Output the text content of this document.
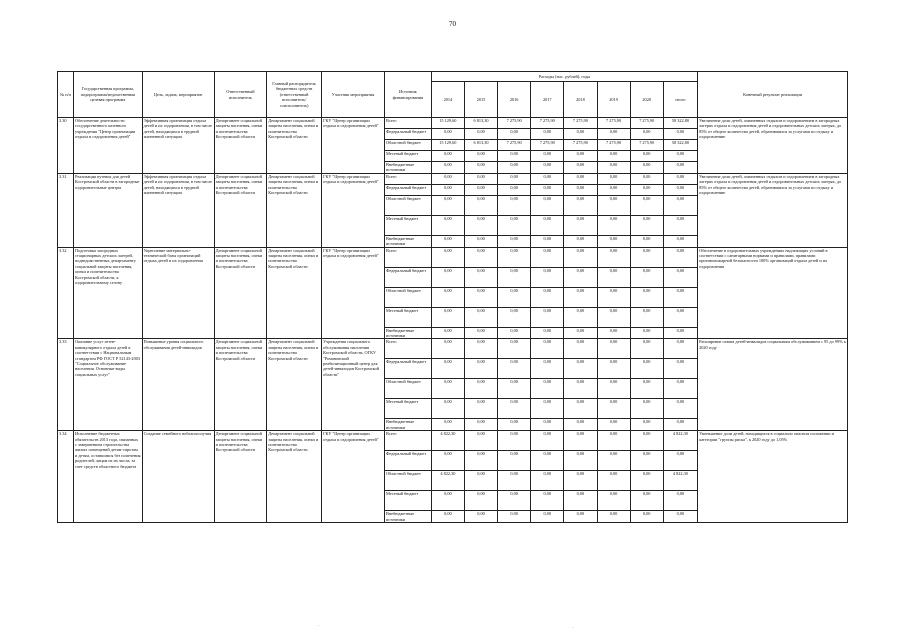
70
№ п/п	Государственная программа, подпрограмма/ведомственная целевая программа	Цель, задача, мероприятие	Ответственный исполнитель	Главный распорядитель бюджетных средств (ответственный исполнитель/соисполнитель)	Участник мероприятия	Источник финансирования	Расходы (тыс. рублей), годы								Конечный результат реализации
							2014	2015	2016	2017	2018	2019	2020	итого	
3.30	Обеспечение деятельности государственного казенного учреждения "Центр организации отдыха и оздоровления детей"	Эффективная организация отдыха детей и их оздоровления, в том числе детей, находящихся в трудной жизненной ситуации	Департамент социальной защиты населения, опеки и попечительства Костромской области	Департамент социальной защиты населения, опеки и попечительства Костромской области	ГКУ "Центр организации отдыха и оздоровления детей"	Всего	15 129,60	6 813,30	7 275,90	7 275,90	7 275,90	7 275,90	7 275,90	58 322,80	Увеличение доли детей, охваченных отдыхом и оздоровлением в загородных лагерях отдыха и оздоровления детей и оздоровительных детских лагерях, до 85% от общего количества детей, обратившихся за услугами по отдыху и оздоровлению
						Федеральный бюджет	0,00	0,00	0,00	0,00	0,00	0,00	0,00	0,00	
						Областной бюджет	15 129,60	6 813,30	7 275,90	7 275,90	7 275,90	7 275,90	7 275,90	58 322,80	
						Местный бюджет	0,00	0,00	0,00	0,00	0,00	0,00	0,00	0,00	
						Внебюджетные источники	0,00	0,00	0,00	0,00	0,00	0,00	0,00	0,00	
3.31	Реализация путевок для детей Костромской области в загородные оздоровительные центры	Эффективная организация отдыха детей и их оздоровления, в том числе детей, находящихся в трудной жизненной ситуации	Департамент социальной защиты населения, опеки и попечительства Костромской области	Департамент социальной защиты населения, опеки и попечительства Костромской области	ГКУ "Центр организации отдыха и оздоровления детей"	Всего	0,00	0,00	0,00	0,00	0,00	0,00	0,00	0,00	Увеличение доли детей, охваченных отдыхом и оздоровлением в загородных лагерях отдыха и оздоровления детей и оздоровительных детских лагерях, до 85% от общего количества детей, обратившихся за услугами по отдыху и оздоровлению
						Федеральный бюджет	0,00	0,00	0,00	0,00	0,00	0,00	0,00	0,00	
						Областной бюджет	0,00	0,00	0,00	0,00	0,00	0,00	0,00	0,00	
						Местный бюджет	0,00	0,00	0,00	0,00	0,00	0,00	0,00	0,00	
						Внебюджетные источники	0,00	0,00	0,00	0,00	0,00	0,00	0,00	0,00	
3.32	Подготовка загородных стационарных детских лагерей, подведомственных департаменту социальной защиты населения, опеки и попечительства Костромской области, к оздоровительному сезону	Укрепление материально-технической базы организаций отдыха детей и их оздоровления	Департамент социальной защиты населения, опеки и попечительства Костромской области	Департамент социальной защиты населения, опеки и попечительства Костромской области	ГКУ "Центр организации отдыха и оздоровления детей"	Всего	0,00	0,00	0,00	0,00	0,00	0,00	0,00	0,00	Обеспечение в оздоровительных учреждениях надлежащих условий в соответствии с санитарными нормами и правилами, правилами противопожарной безопасности 100% организаций отдыха детей и их оздоровления
						Федеральный бюджет	0,00	0,00	0,00	0,00	0,00	0,00	0,00	0,00	
						Областной бюджет	0,00	0,00	0,00	0,00	0,00	0,00	0,00	0,00	
						Местный бюджет	0,00	0,00	0,00	0,00	0,00	0,00	0,00	0,00	
						Внебюджетные источники	0,00	0,00	0,00	0,00	0,00	0,00	0,00	0,00	
3.33	Оказание услуг летне-каникулярного отдыха детей в соответствии с Национальным стандартом РФ ГОСТ Р 52143-2003 "Социальное обслуживание населения. Основные виды социальных услуг"	Повышение уровня социального обслуживания детей-инвалидов	Департамент социальной защиты населения, опеки и попечительства Костромской области	Департамент социальной защиты населения, опеки и попечительства Костромской области	Учреждения социального обслуживания населения Костромской области, ОГКУ "Романовский реабилитационный центр для детей-инвалидов Костромской области"	Всего	0,00	0,00	0,00	0,00	0,00	0,00	0,00	0,00	Расширение охвата детей-инвалидов социальным обслуживанием с 95 до 99% к 2020 году
						Федеральный бюджет	0,00	0,00	0,00	0,00	0,00	0,00	0,00	0,00	
						Областной бюджет	0,00	0,00	0,00	0,00	0,00	0,00	0,00	0,00	
						Местный бюджет	0,00	0,00	0,00	0,00	0,00	0,00	0,00	0,00	
						Внебюджетные источники	0,00	0,00	0,00	0,00	0,00	0,00	0,00	0,00	
3.34	Исполнение бюджетных обязательств 2013 года, связанных с завершением строительства жилых помещений детям-сиротам и детям, оставшимся без попечения родителей, лицам из их числа, за счет средств областного бюджета	Создание семейного неблагополучия	Департамент социальной защиты населения, опеки и попечительства Костромской области	Департамент социальной защиты населения, опеки и попечительства Костромской области	ГКУ "Центр организации отдыха и оздоровления детей"	Всего	4 822,30	0,00	0,00	0,00	0,00	0,00	0,00	4 822,30	Уменьшение доли детей, находящихся в социально опасном положении и категории "группы риска", к 2020 году до 1,05%
						Федеральный бюджет	0,00	0,00	0,00	0,00	0,00	0,00	0,00	0,00	
						Областной бюджет	4 822,30	0,00	0,00	0,00	0,00	0,00	0,00	4 822,30	
						Местный бюджет	0,00	0,00	0,00	0,00	0,00	0,00	0,00	0,00	
						Внебюджетные источники	0,00	0,00	0,00	0,00	0,00	0,00	0,00	0,00	
·	·
